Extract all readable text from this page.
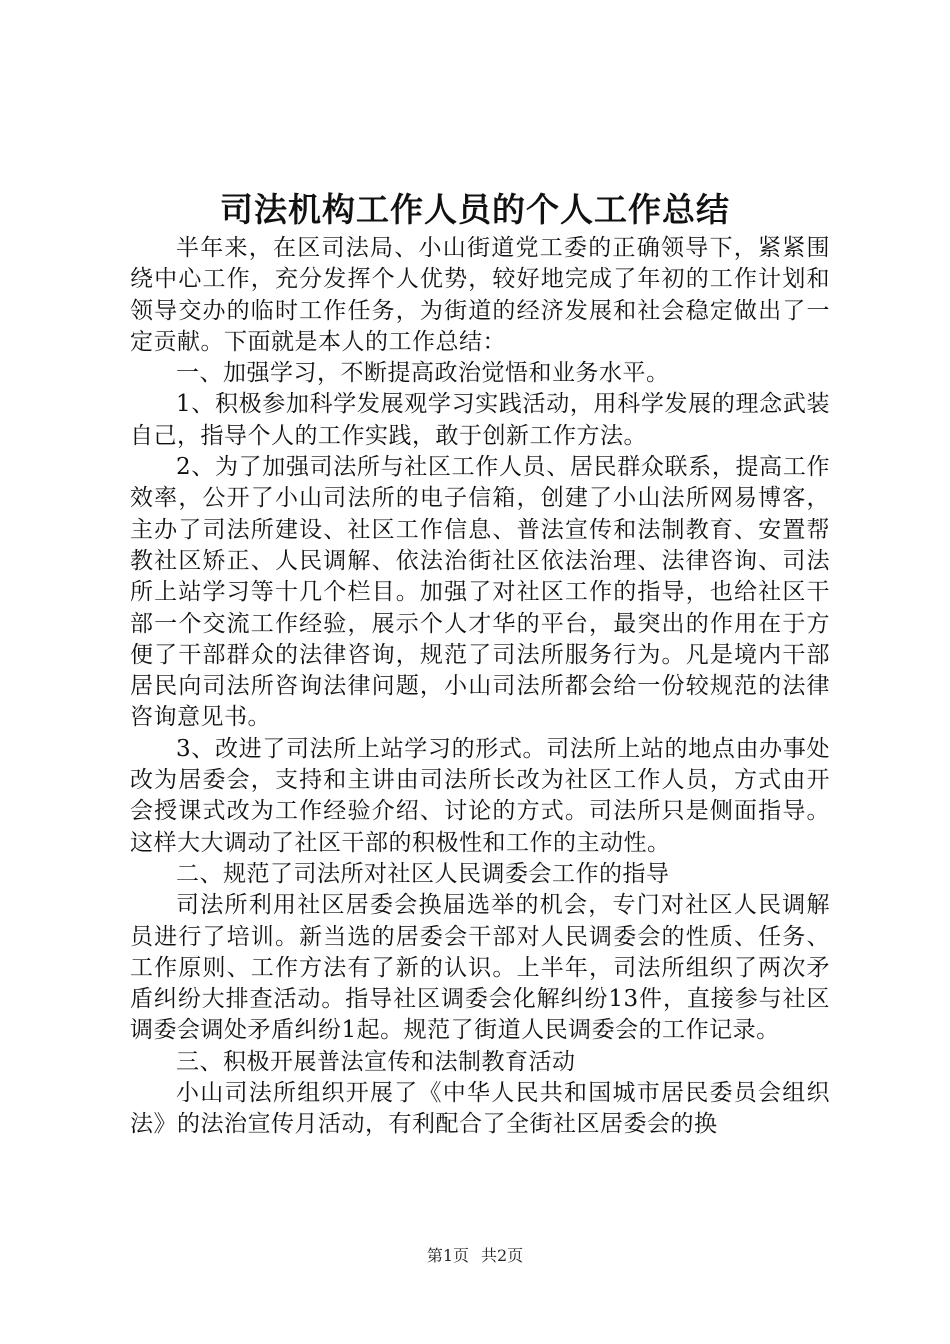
司法机构工作人员的个人工作总结

半年来，在区司法局、小山街道党工委的正确领导下，紧紧围绕中心工作，充分发挥个人优势，较好地完成了年初的工作计划和领导交办的临时工作任务，为街道的经济发展和社会稳定做出了一定贡献。下面就是本人的工作总结：

一、加强学习，不断提高政治觉悟和业务水平。

1、积极参加科学发展观学习实践活动，用科学发展的理念武装自己，指导个人的工作实践，敢于创新工作方法。

2、为了加强司法所与社区工作人员、居民群众联系，提高工作效率，公开了小山司法所的电子信箱，创建了小山法所网易博客，主办了司法所建设、社区工作信息、普法宣传和法制教育、安置帮教社区矫正、人民调解、依法治街社区依法治理、法律咨询、司法所上站学习等十几个栏目。加强了对社区工作的指导，也给社区干部一个交流工作经验，展示个人才华的平台，最突出的作用在于方便了干部群众的法律咨询，规范了司法所服务行为。凡是境内干部居民向司法所咨询法律问题，小山司法所都会给一份较规范的法律咨询意见书。

3、改进了司法所上站学习的形式。司法所上站的地点由办事处改为居委会，支持和主讲由司法所长改为社区工作人员，方式由开会授课式改为工作经验介绍、讨论的方式。司法所只是侧面指导。这样大大调动了社区干部的积极性和工作的主动性。

二、规范了司法所对社区人民调委会工作的指导

司法所利用社区居委会换届选举的机会，专门对社区人民调解员进行了培训。新当选的居委会干部对人民调委会的性质、任务、工作原则、工作方法有了新的认识。上半年，司法所组织了两次矛盾纠纷大排查活动。指导社区调委会化解纠纷13件，直接参与社区调委会调处矛盾纠纷1起。规范了街道人民调委会的工作记录。

三、积极开展普法宣传和法制教育活动

小山司法所组织开展了《中华人民共和国城市居民委员会组织法》的法治宣传月活动，有利配合了全街社区居委会的换

第1页 共2页
